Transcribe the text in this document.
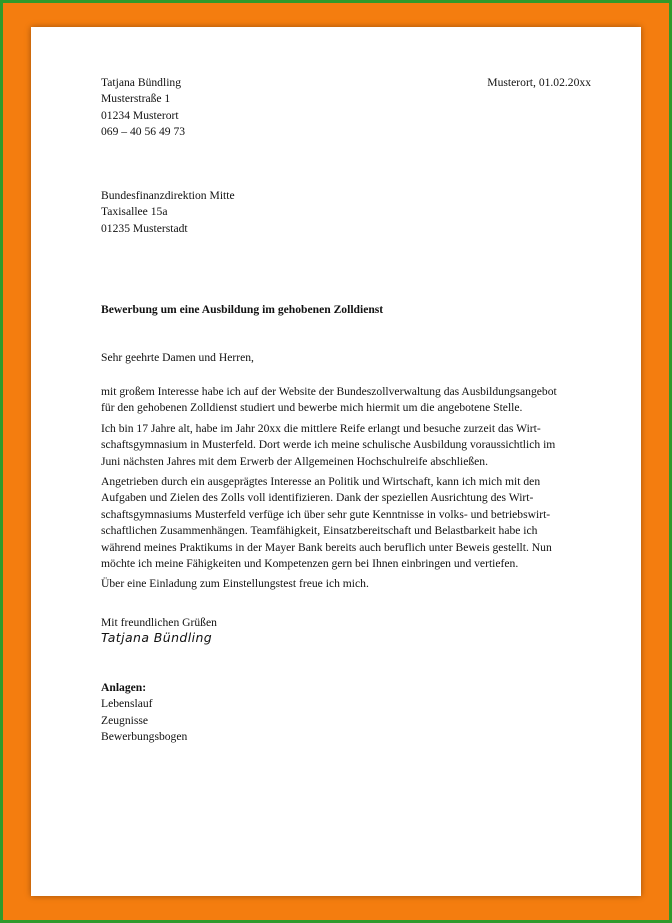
Tatjana Bündling
Musterstraße 1
01234 Musterort
069 – 40 56 49 73
Musterort, 01.02.20xx
Bundesfinanzdirektion Mitte
Taxisallee 15a
01235 Musterstadt
Bewerbung um eine Ausbildung im gehobenen Zolldienst
Sehr geehrte Damen und Herren,

mit großem Interesse habe ich auf der Website der Bundeszollverwaltung das Ausbildungsangebot
für den gehobenen Zolldienst studiert und bewerbe mich hiermit um die angebotene Stelle.

Ich bin 17 Jahre alt, habe im Jahr 20xx die mittlere Reife erlangt und besuche zurzeit das Wirt-
schaftsgymnasium in Musterfeld. Dort werde ich meine schulische Ausbildung voraussichtlich im
Juni nächsten Jahres mit dem Erwerb der Allgemeinen Hochschulreife abschließen.

Angetrieben durch ein ausgeprägtes Interesse an Politik und Wirtschaft, kann ich mich mit den
Aufgaben und Zielen des Zolls voll identifizieren. Dank der speziellen Ausrichtung des Wirt-
schaftsgymnasiums Musterfeld verfüge ich über sehr gute Kenntnisse in volks- und betriebswirt-
schaftlichen Zusammenhängen. Teamfähigkeit, Einsatzbereitschaft und Belastbarkeit habe ich
während meines Praktikums in der Mayer Bank bereits auch beruflich unter Beweis gestellt. Nun
möchte ich meine Fähigkeiten und Kompetenzen gern bei Ihnen einbringen und vertiefen.

Über eine Einladung zum Einstellungstest freue ich mich.

Mit freundlichen Grüßen
Tatjana Bündling
Anlagen:
Lebenslauf
Zeugnisse
Bewerbungsbogen
